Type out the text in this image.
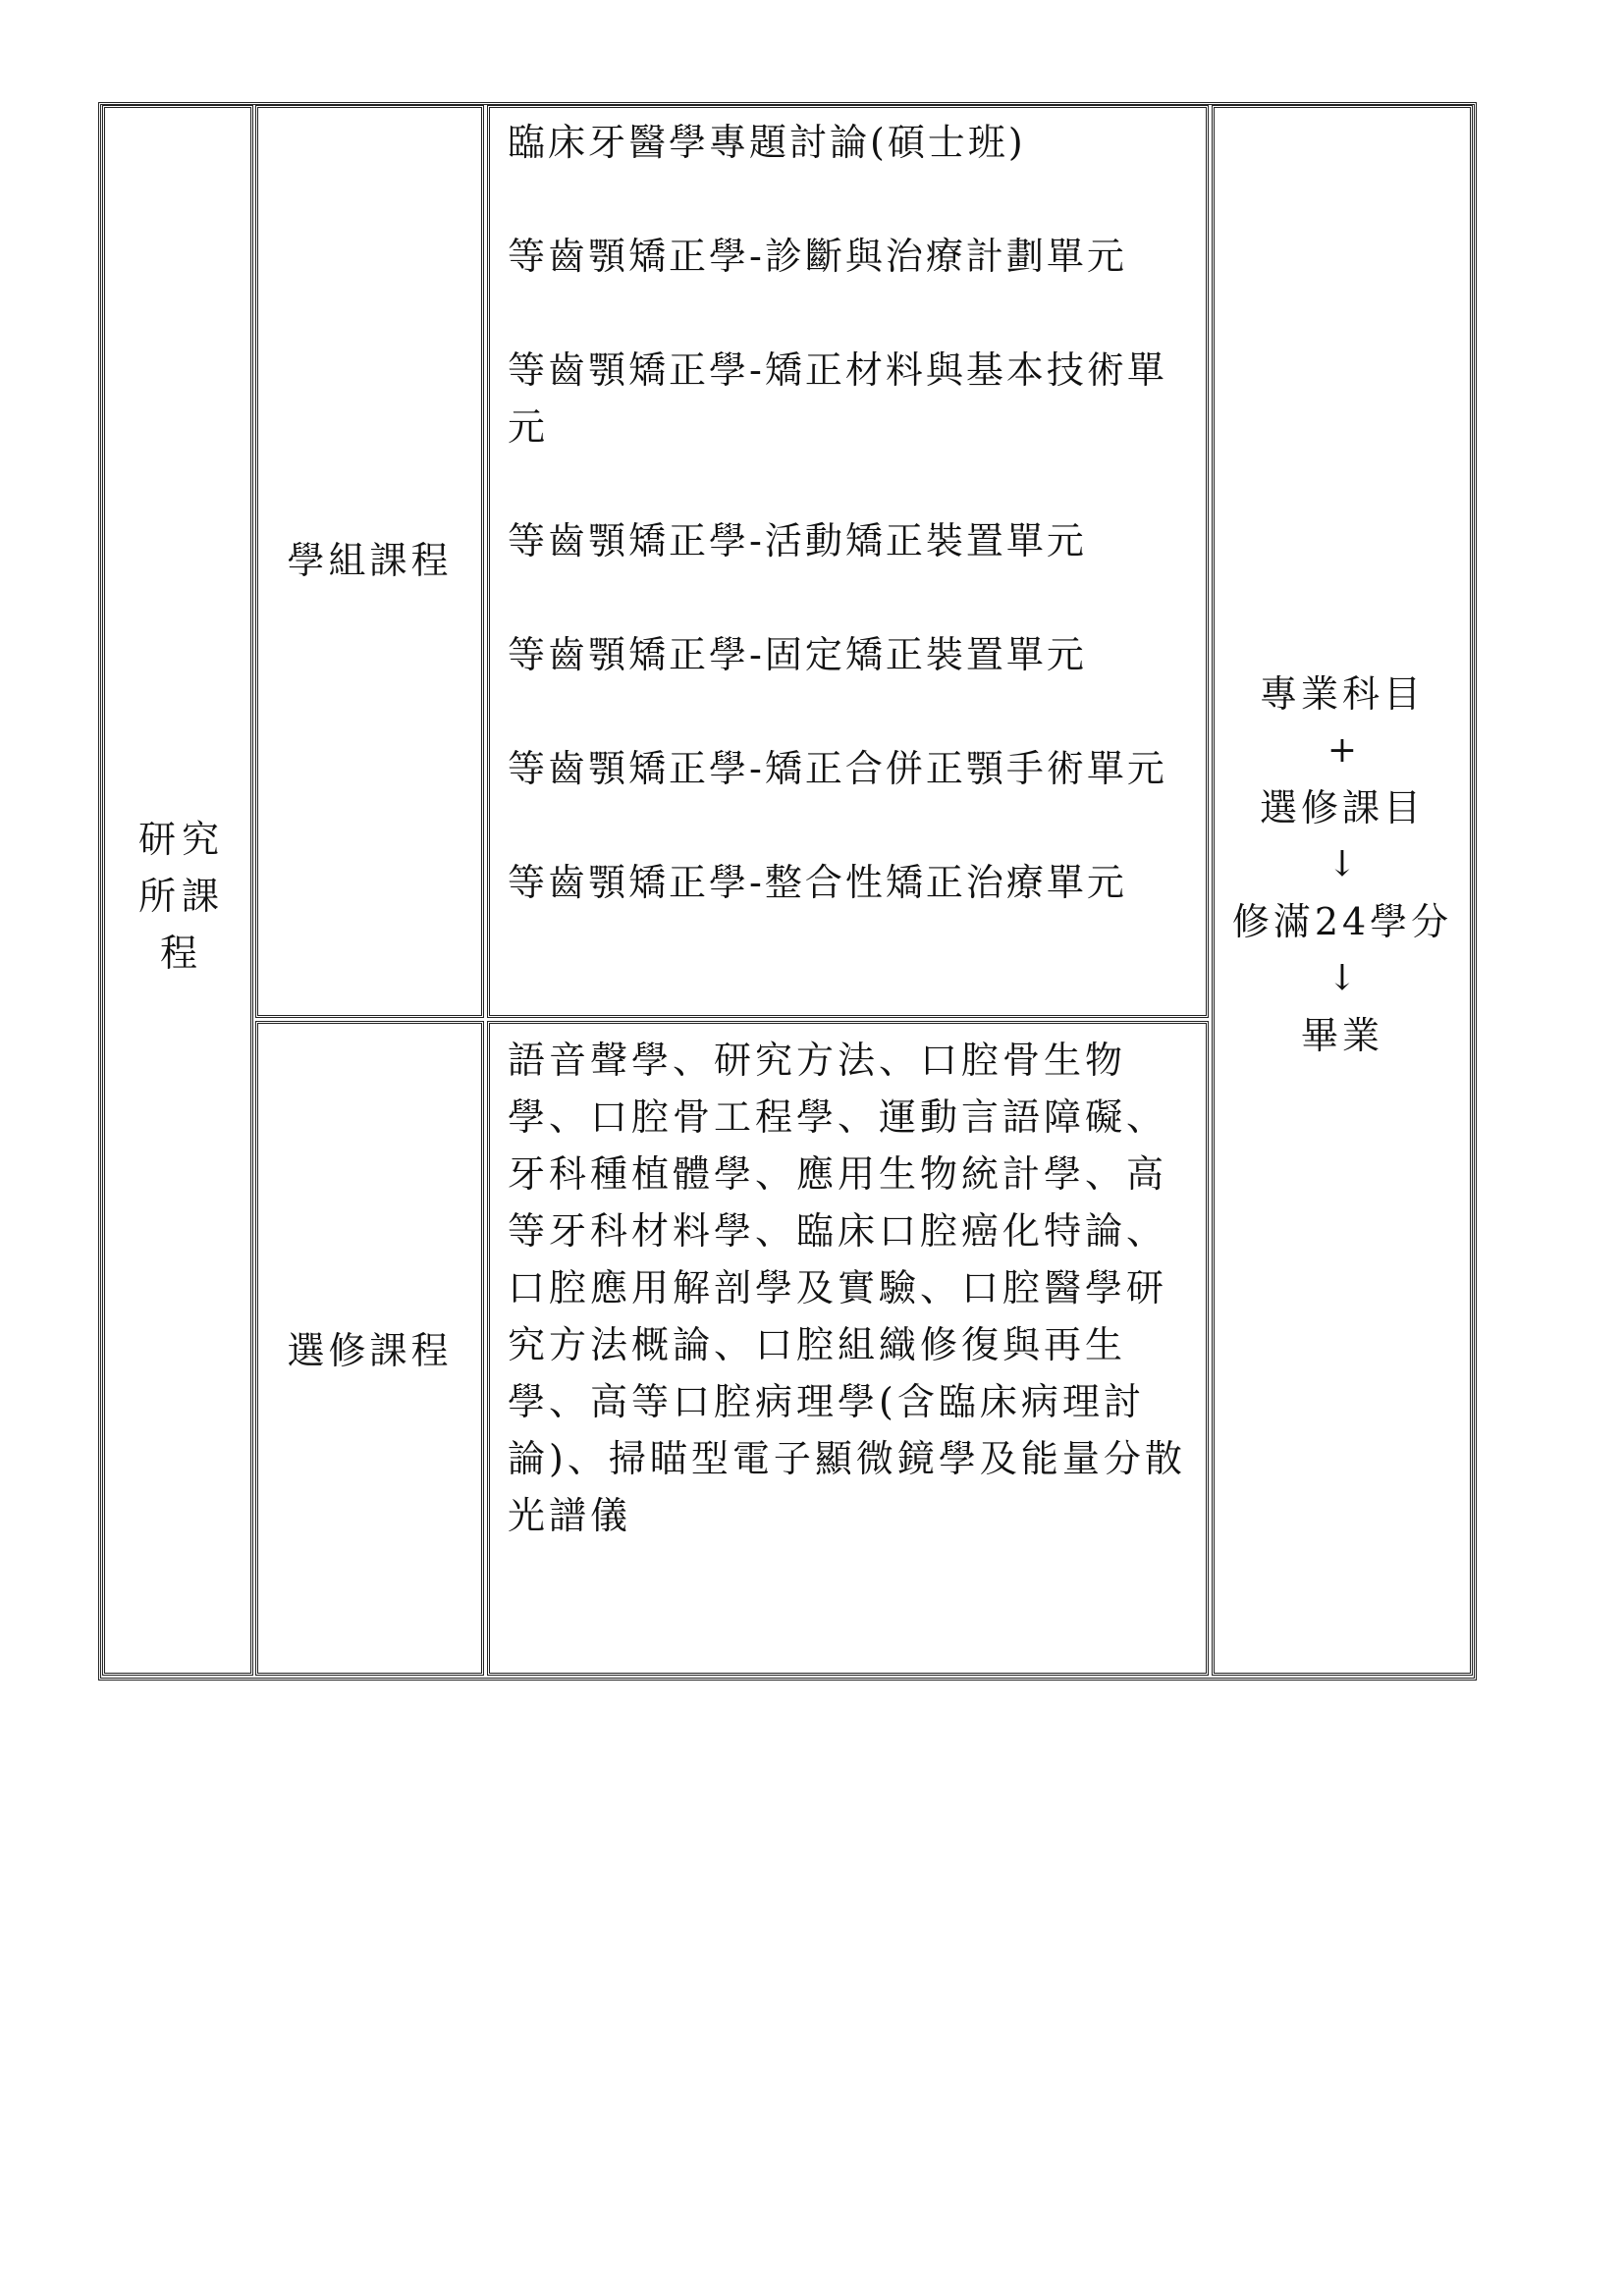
研究所課程
學組課程
選修課程
臨床牙醫學專題討論(碩士班)
等齒顎矯正學-診斷與治療計劃單元
等齒顎矯正學-矯正材料與基本技術單元
等齒顎矯正學-活動矯正裝置單元
等齒顎矯正學-固定矯正裝置單元
等齒顎矯正學-矯正合併正顎手術單元
等齒顎矯正學-整合性矯正治療單元

語音聲學、研究方法、口腔骨生物學、口腔骨工程學、運動言語障礙、牙科種植體學、應用生物統計學、高等牙科材料學、臨床口腔癌化特論、口腔應用解剖學及實驗、口腔醫學研究方法概論、口腔組織修復與再生學、高等口腔病理學(含臨床病理討論)、掃瞄型電子顯微鏡學及能量分散光譜儀

專業科目
+
選修課目
↓
修滿24學分
↓
畢業
